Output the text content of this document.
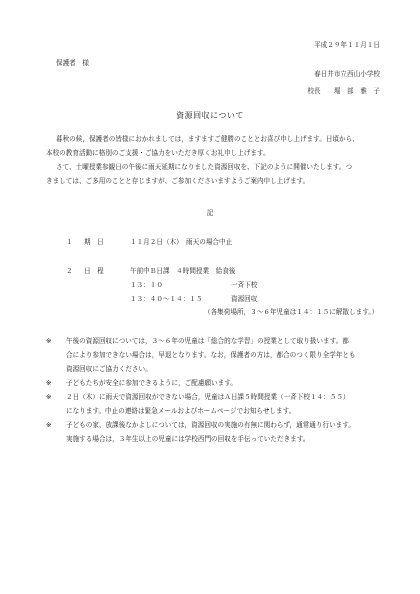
平成２９年１１月１日
保護者　様
春日井市立西山小学校
校長　　堀　部　雅　子
資源回収について
暮秋の候，保護者の皆様におかれましては，ますますご健勝のこととお喜び申し上げます。日頃から、
本校の教育活動に格別のご支援・ご協力をいただき厚くお礼申し上げます。
さて、土曜授業参観日の午後に雨天延期になりました資源回収を、下記のように開催いたします。つ
きましては、ご多用のことと存じますが、ご参加くださいますようご案内申し上げます。
記
１ 期　日	１１月２日（木）　雨天の場合中止
２ 日　程	午前中Ｂ日課　４時間授業　給食後
１３：１０	一斉下校
１３：４０～１４：１５	資源回収
（各集荷場所，３～６年児童は１４：１５に解散します。）
※ 午後の資源回収については，３～６年の児童は「総合的な学習」の授業として取り扱います。都
合により参加できない場合は，早退となります。なお，保護者の方は，都合のつく限り全学年とも
資源回収にご協力ください。
※ 子どもたちが安全に参加できるように，ご配慮願います。
※ ２日（木）に雨天で資源回収ができない場合，児童はＡ日課５時間授業（一斉下校１４：５５）
になります。中止の連絡は緊急メールおよびホームページでお知らせします。
※ 子どもの家，放課後なかよしについては，資源回収の実施の有無に関わらず，通常通り行います。
実施する場合は，３年生以上の児童には学校西門の回収を手伝っていただきます。
